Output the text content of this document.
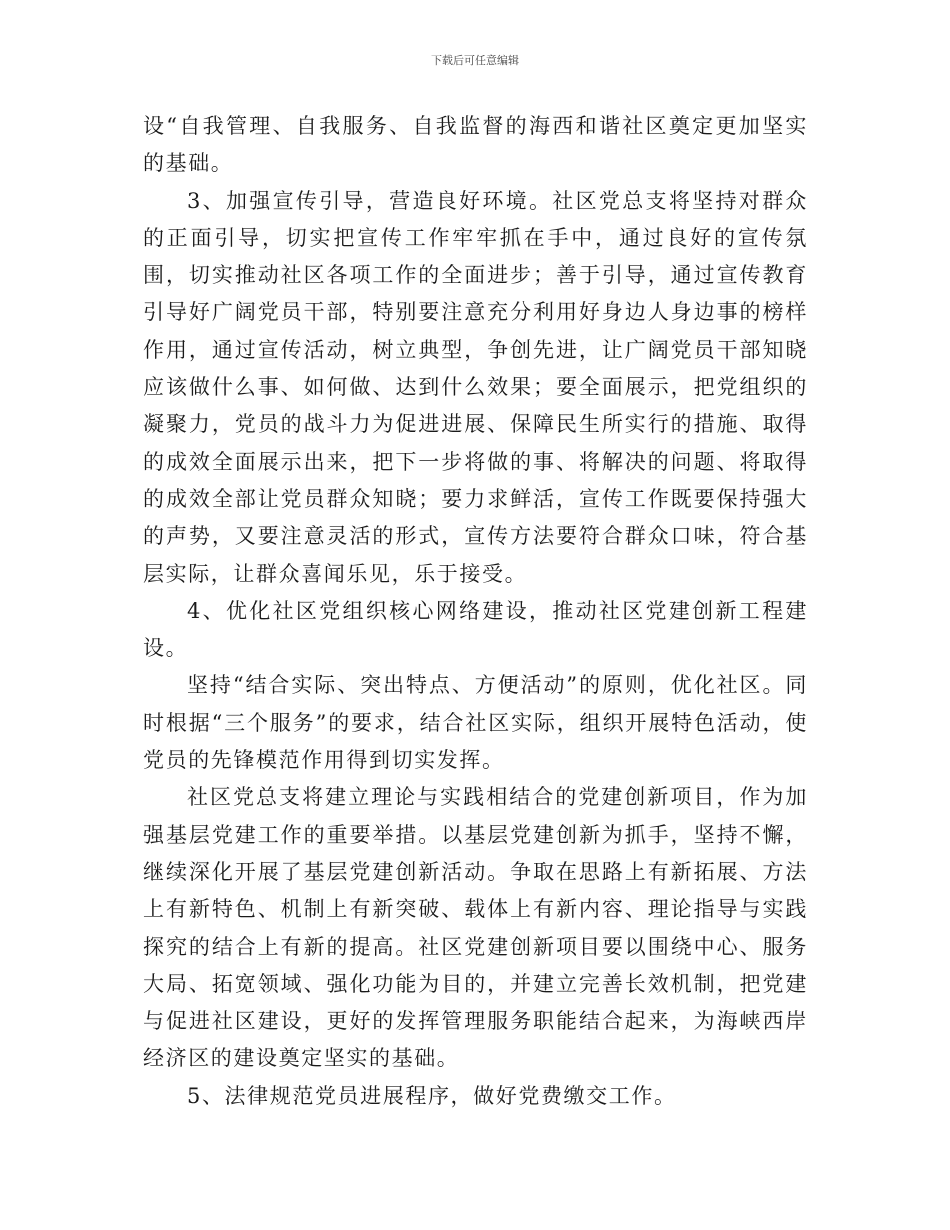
下载后可任意编辑

设“自我管理、自我服务、自我监督的海西和谐社区奠定更加坚实的基础。

3、加强宣传引导，营造良好环境。社区党总支将坚持对群众的正面引导，切实把宣传工作牢牢抓在手中，通过良好的宣传氛围，切实推动社区各项工作的全面进步；善于引导，通过宣传教育引导好广阔党员干部，特别要注意充分利用好身边人身边事的榜样作用，通过宣传活动，树立典型，争创先进，让广阔党员干部知晓应该做什么事、如何做、达到什么效果；要全面展示，把党组织的凝聚力，党员的战斗力为促进进展、保障民生所实行的措施、取得的成效全面展示出来，把下一步将做的事、将解决的问题、将取得的成效全部让党员群众知晓；要力求鲜活，宣传工作既要保持强大的声势，又要注意灵活的形式，宣传方法要符合群众口味，符合基层实际，让群众喜闻乐见，乐于接受。

4、优化社区党组织核心网络建设，推动社区党建创新工程建设。

坚持“结合实际、突出特点、方便活动”的原则，优化社区。同时根据“三个服务”的要求，结合社区实际，组织开展特色活动，使党员的先锋模范作用得到切实发挥。

社区党总支将建立理论与实践相结合的党建创新项目，作为加强基层党建工作的重要举措。以基层党建创新为抓手，坚持不懈，继续深化开展了基层党建创新活动。争取在思路上有新拓展、方法上有新特色、机制上有新突破、载体上有新内容、理论指导与实践探究的结合上有新的提高。社区党建创新项目要以围绕中心、服务大局、拓宽领域、强化功能为目的，并建立完善长效机制，把党建与促进社区建设，更好的发挥管理服务职能结合起来，为海峡西岸经济区的建设奠定坚实的基础。

5、法律规范党员进展程序，做好党费缴交工作。
